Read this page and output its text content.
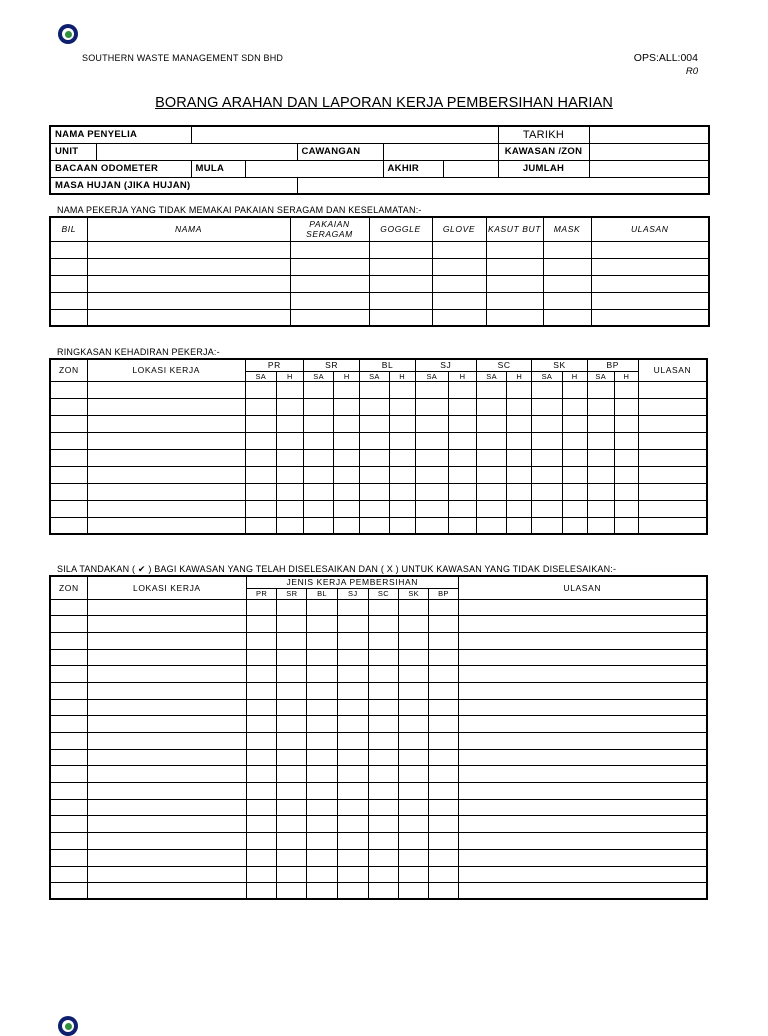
SOUTHERN WASTE MANAGEMENT SDN BHD	OPS:ALL:004
R0
BORANG ARAHAN DAN LAPORAN KERJA PEMBERSIHAN HARIAN
NAMA PENYELIA							TARIKH	
UNIT				CAWANGAN			KAWASAN /ZON	
BACAAN ODOMETER		MULA			AKHIR		JUMLAH	
MASA HUJAN (JIKA HUJAN)								
NAMA PEKERJA YANG TIDAK MEMAKAI PAKAIAN SERAGAM DAN KESELAMATAN:-
BIL	NAMA	PAKAIAN SERAGAM	GOGGLE	GLOVE	KASUT BUT	MASK	ULASAN

RINGKASAN KEHADIRAN PEKERJA:-
ZON	LOKASI KERJA	PR		SR		BL		SJ		SC		SK		BP		ULASAN
		SA	H	SA	H	SA	H	SA	H	SA	H	SA	H	SA	H	

SILA TANDAKAN ( ✔ ) BAGI KAWASAN YANG TELAH DISELESAIKAN DAN ( X ) UNTUK KAWASAN YANG TIDAK DISELESAIKAN:-
ZON	LOKASI KERJA	JENIS KERJA PEMBERSIHAN							ULASAN
		PR	SR	BL	SJ	SC	SK	BP	
